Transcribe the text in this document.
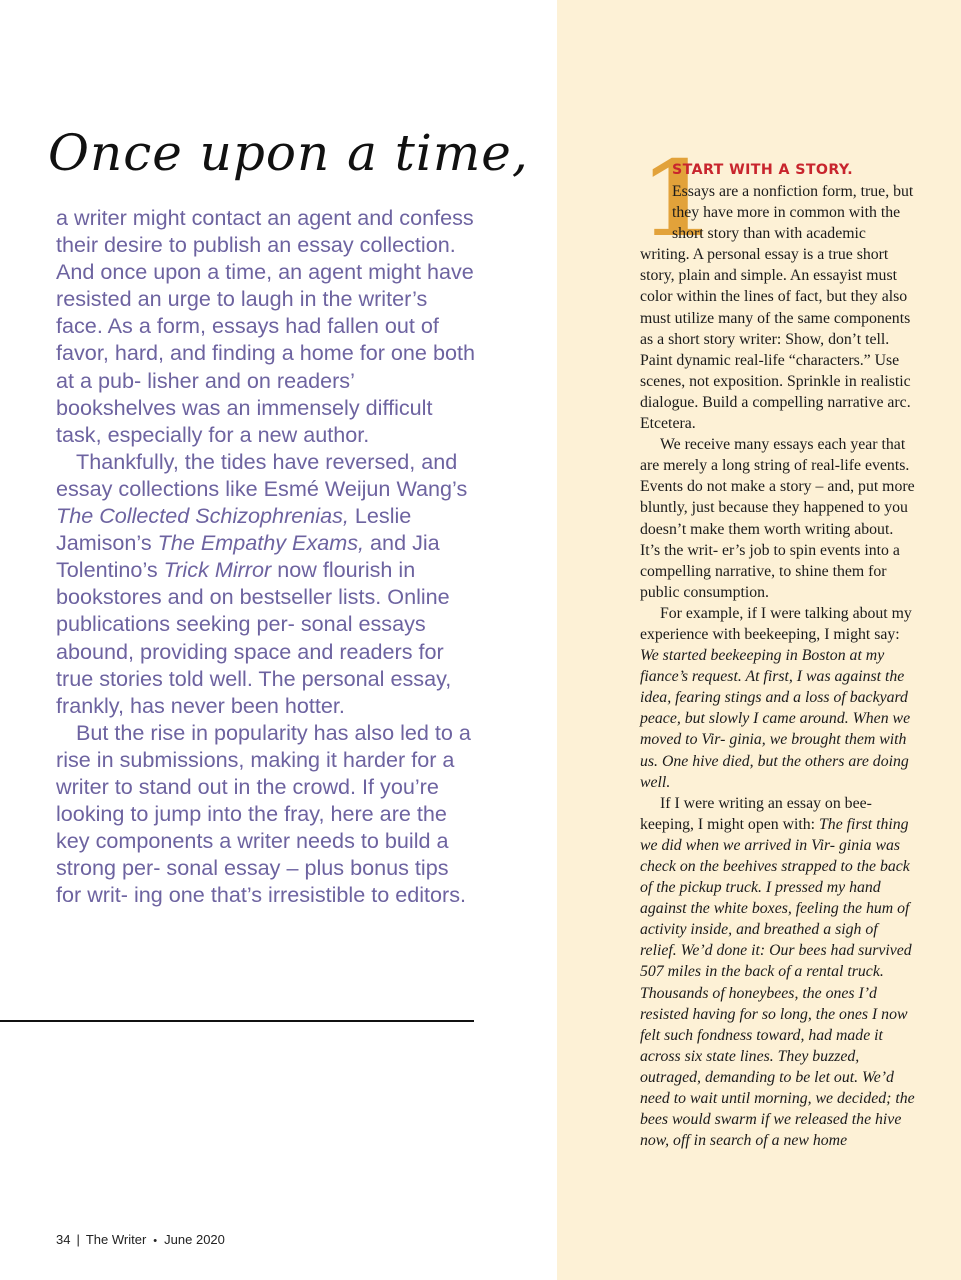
Once upon a time,

a writer might contact an agent and confess their desire to publish an essay collection. And once upon a time, an agent might have resisted an urge to laugh in the writer’s face. As a form, essays had fallen out of favor, hard, and finding a home for one both at a pub- lisher and on readers’ bookshelves was an immensely difficult task, especially for a new author.

Thankfully, the tides have reversed, and essay collections like Esmé Weijun Wang’s The Collected Schizophrenias, Leslie Jamison’s The Empathy Exams, and Jia Tolentino’s Trick Mirror now flourish in bookstores and on bestseller lists. Online publications seeking per- sonal essays abound, providing space and readers for true stories told well. The personal essay, frankly, has never been hotter.

But the rise in popularity has also led to a rise in submissions, making it harder for a writer to stand out in the crowd. If you’re looking to jump into the fray, here are the key components a writer needs to build a strong per- sonal essay – plus bonus tips for writ- ing one that’s irresistible to editors.

34 | The Writer • June 2020
1
START WITH A STORY.

Essays are a nonfiction form, true, but they have more in common with the short story than with academic writing. A personal essay is a true short story, plain and simple. An essayist must color within the lines of fact, but they also must utilize many of the same components as a short story writer: Show, don’t tell. Paint dynamic real-life “characters.” Use scenes, not exposition. Sprinkle in realistic dialogue. Build a compelling narrative arc. Etcetera.

We receive many essays each year that are merely a long string of real-life events. Events do not make a story – and, put more bluntly, just because they happened to you doesn’t make them worth writing about. It’s the writ- er’s job to spin events into a compelling narrative, to shine them for public consumption.

For example, if I were talking about my experience with beekeeping, I might say: We started beekeeping in Boston at my fiance’s request. At first, I was against the idea, fearing stings and a loss of backyard peace, but slowly I came around. When we moved to Vir- ginia, we brought them with us. One hive died, but the others are doing well.

If I were writing an essay on bee- keeping, I might open with: The first thing we did when we arrived in Vir- ginia was check on the beehives strapped to the back of the pickup truck. I pressed my hand against the white boxes, feeling the hum of activity inside, and breathed a sigh of relief. We’d done it: Our bees had survived 507 miles in the back of a rental truck. Thousands of honeybees, the ones I’d resisted having for so long, the ones I now felt such fondness toward, had made it across six state lines. They buzzed, outraged, demanding to be let out. We’d need to wait until morning, we decided; the bees would swarm if we released the hive now, off in search of a new home
